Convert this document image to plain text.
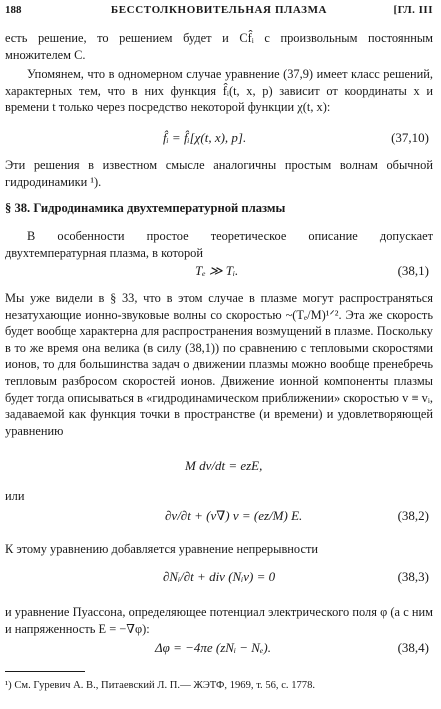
188	БЕССТОЛКНОВИТЕЛЬНАЯ ПЛАЗМА	[ГЛ. III

есть решение, то решением будет и Cf̂ᵢ с произвольным постоянным множителем C.

Упомянем, что в одномерном случае уравнение (37,9) имеет класс решений, характерных тем, что в них функция f̂ᵢ(t, x, p) зависит от координаты x и времени t только через посредство некоторой функции χ(t, x):

f̂ᵢ = f̂ᵢ[χ(t, x), p].	(37,10)

Эти решения в известном смысле аналогичны простым волнам обычной гидродинамики ¹).

§ 38. Гидродинамика двухтемпературной плазмы

В особенности простое теоретическое описание допускает двухтемпературная плазма, в которой

Tₑ ≫ Tᵢ.	(38,1)

Мы уже видели в § 33, что в этом случае в плазме могут распространяться незатухающие ионно-звуковые волны со скоростью ~(Tₑ/M)¹ᐟ². Эта же скорость будет вообще характерна для распространения возмущений в плазме. Поскольку в то же время она велика (в силу (38,1)) по сравнению с тепловыми скоростями ионов, то для большинства задач о движении плазмы можно вообще пренебречь тепловым разбросом скоростей ионов. Движение ионной компоненты плазмы будет тогда описываться в «гидродинамическом приближении» скоростью v ≡ vᵢ, задаваемой как функция точки в пространстве (и времени) и удовлетворяющей уравнению

M dv/dt = ezE,

или

∂v/∂t + (v∇) v = (ez/M) E.	(38,2)

К этому уравнению добавляется уравнение непрерывности

∂Nᵢ/∂t + div (Nᵢv) = 0	(38,3)

и уравнение Пуассона, определяющее потенциал электрического поля φ (а с ним и напряженность E = −∇φ):

Δφ = −4πe (zNᵢ − Nₑ).	(38,4)
¹) См. Гуревич А. В., Питаевский Л. П.— ЖЭТФ, 1969, т. 56, с. 1778.
